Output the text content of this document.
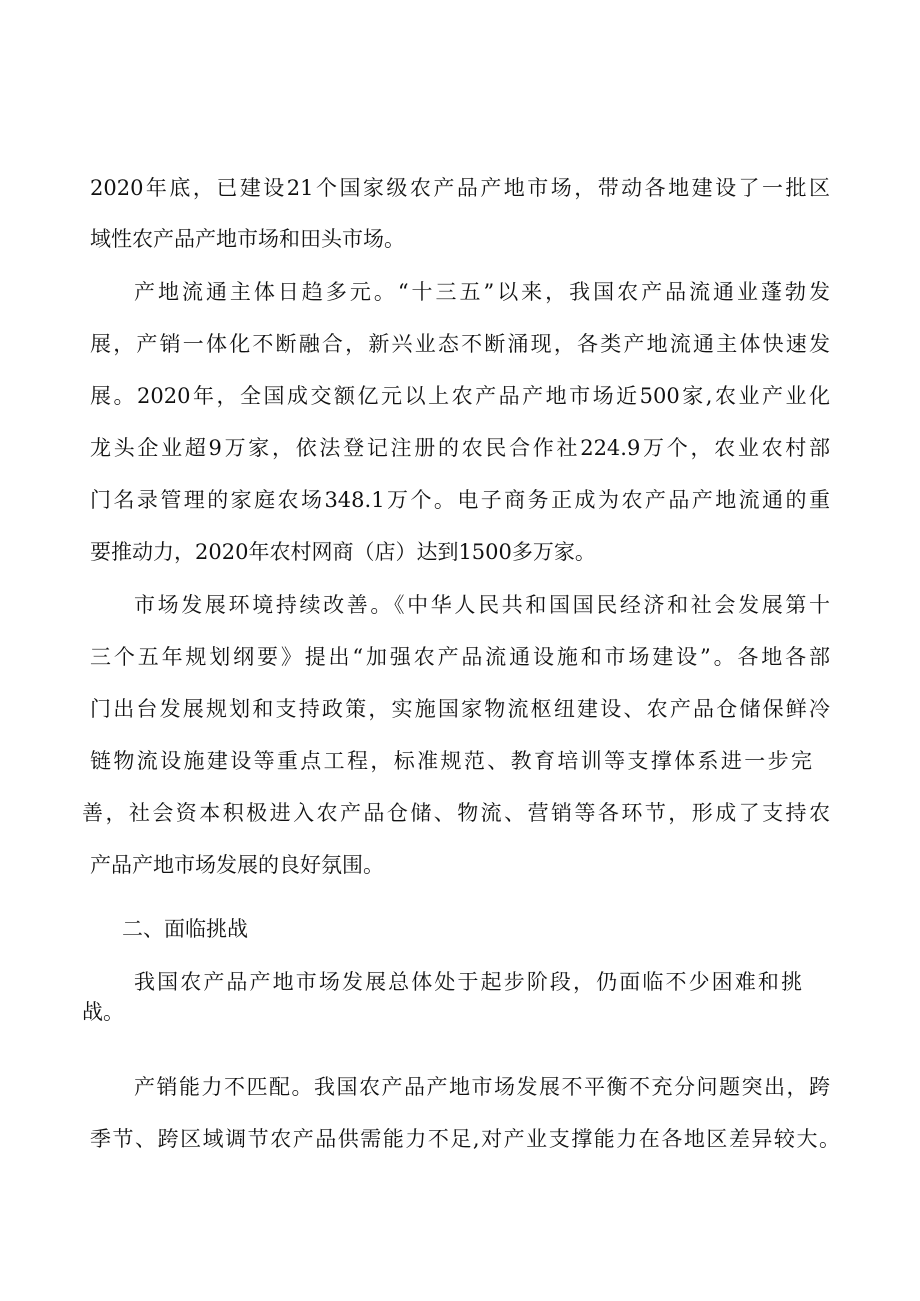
2020年底，已建设21个国家级农产品产地市场，带动各地建设了一批区
域性农产品产地市场和田头市场。
产地流通主体日趋多元。“十三五”以来，我国农产品流通业蓬勃发
展，产销一体化不断融合，新兴业态不断涌现，各类产地流通主体快速发
展。2020年，全国成交额亿元以上农产品产地市场近500家,农业产业化
龙头企业超9万家，依法登记注册的农民合作社224.9万个，农业农村部
门名录管理的家庭农场348.1万个。电子商务正成为农产品产地流通的重
要推动力，2020年农村网商（店）达到1500多万家。
市场发展环境持续改善。《中华人民共和国国民经济和社会发展第十
三个五年规划纲要》提出“加强农产品流通设施和市场建设”。各地各部
门出台发展规划和支持政策，实施国家物流枢纽建设、农产品仓储保鲜冷
链物流设施建设等重点工程，标准规范、教育培训等支撑体系进一步完
善，社会资本积极进入农产品仓储、物流、营销等各环节，形成了支持农
产品产地市场发展的良好氛围。
二、面临挑战
我国农产品产地市场发展总体处于起步阶段，仍面临不少困难和挑
战。
产销能力不匹配。我国农产品产地市场发展不平衡不充分问题突出，跨
季节、跨区域调节农产品供需能力不足,对产业支撑能力在各地区差异较大。
